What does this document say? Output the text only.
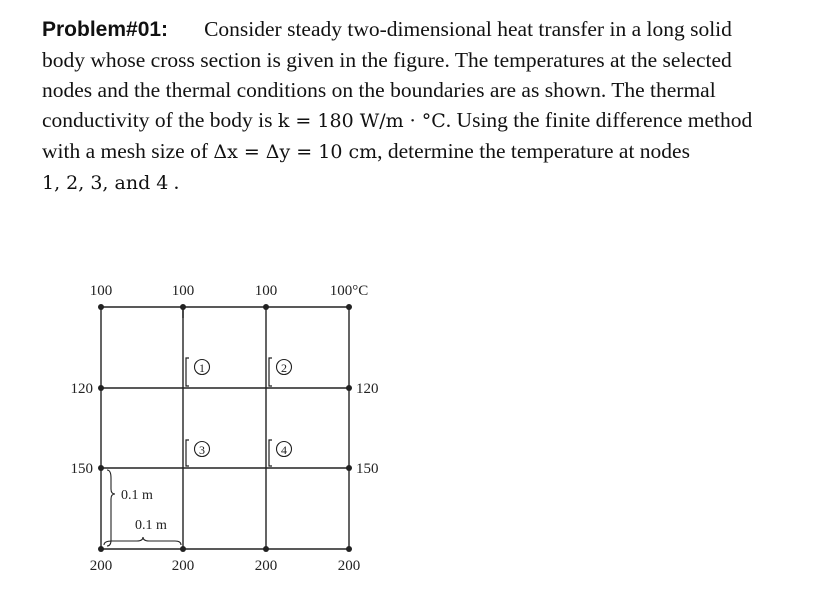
Problem#01: Consider steady two-dimensional heat transfer in a long solid
body whose cross section is given in the figure. The temperatures at the selected
nodes and the thermal conditions on the boundaries are as shown. The thermal
conductivity of the body is k = 180 W/m · °C. Using the finite difference method
with a mesh size of Δx = Δy = 10 cm, determine the temperature at nodes
1, 2, 3, and 4 .
100	100	100	100°C
120
150
120
150
200	200	200	200
1	2
3	4
0.1 m
0.1 m
